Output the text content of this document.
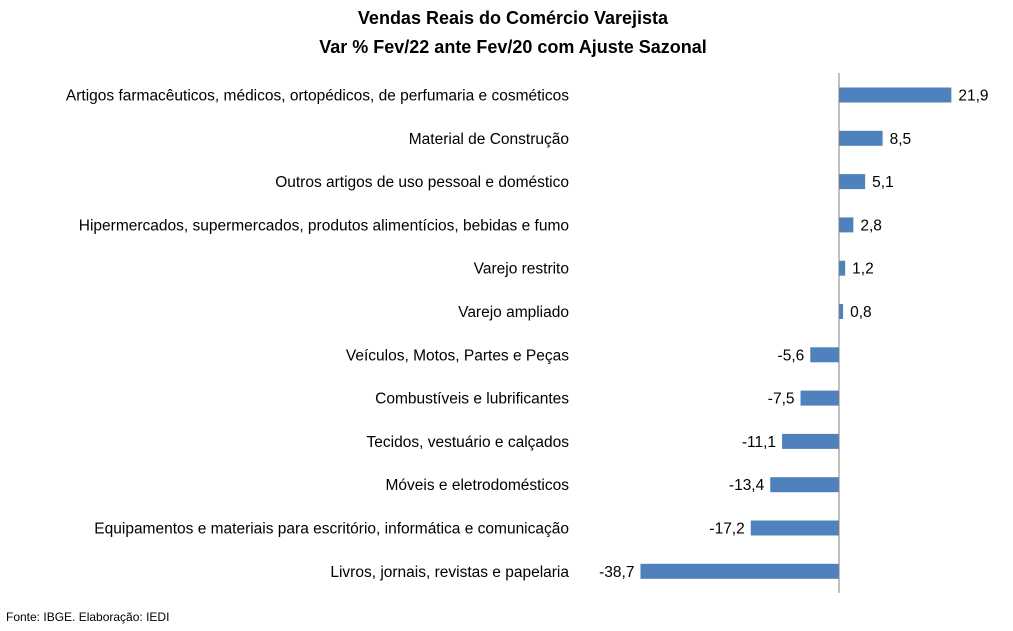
Vendas Reais do Comércio Varejista
Var % Fev/22 ante Fev/20 com Ajuste Sazonal
Artigos farmacêuticos, médicos, ortopédicos, de perfumaria e cosméticos	21,9
Material de Construção	8,5
Outros artigos de uso pessoal e doméstico	5,1
Hipermercados, supermercados, produtos alimentícios, bebidas e fumo	2,8
Varejo restrito	1,2
Varejo ampliado	0,8
Veículos, Motos, Partes e Peças	-5,6
Combustíveis e lubrificantes	-7,5
Tecidos, vestuário e calçados	-11,1
Móveis e eletrodomésticos	-13,4
Equipamentos e materiais para escritório, informática e comunicação	-17,2
Livros, jornais, revistas e papelaria -38,7
Fonte: IBGE. Elaboração: IEDI
